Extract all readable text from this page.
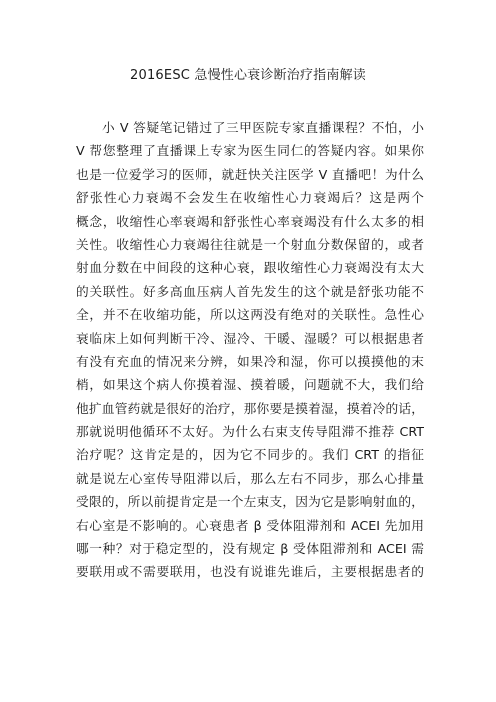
2016ESC 急慢性心衰诊断治疗指南解读
小 V 答疑笔记错过了三甲医院专家直播课程？不怕，小
V 帮您整理了直播课上专家为医生同仁的答疑内容。如果你
也是一位爱学习的医师，就赶快关注医学 V 直播吧！为什么
舒张性心力衰竭不会发生在收缩性心力衰竭后？这是两个
概念，收缩性心率衰竭和舒张性心率衰竭没有什么太多的相
关性。收缩性心力衰竭往往就是一个射血分数保留的，或者
射血分数在中间段的这种心衰，跟收缩性心力衰竭没有太大
的关联性。好多高血压病人首先发生的这个就是舒张功能不
全，并不在收缩功能，所以这两没有绝对的关联性。急性心
衰临床上如何判断干冷、湿冷、干暖、湿暖？可以根据患者
有没有充血的情况来分辨，如果冷和湿，你可以摸摸他的末
梢，如果这个病人你摸着湿、摸着暖，问题就不大，我们给
他扩血管药就是很好的治疗，那你要是摸着湿，摸着冷的话，
那就说明他循环不太好。为什么右束支传导阻滞不推荐 CRT
治疗呢？这肯定是的，因为它不同步的。我们 CRT 的指征
就是说左心室传导阻滞以后，那么左右不同步，那么心排量
受限的，所以前提肯定是一个左束支，因为它是影响射血的，
右心室是不影响的。心衰患者 β 受体阻滞剂和 ACEI 先加用
哪一种？对于稳定型的，没有规定 β 受体阻滞剂和 ACEI 需
要联用或不需要联用，也没有说谁先谁后，主要根据患者的
